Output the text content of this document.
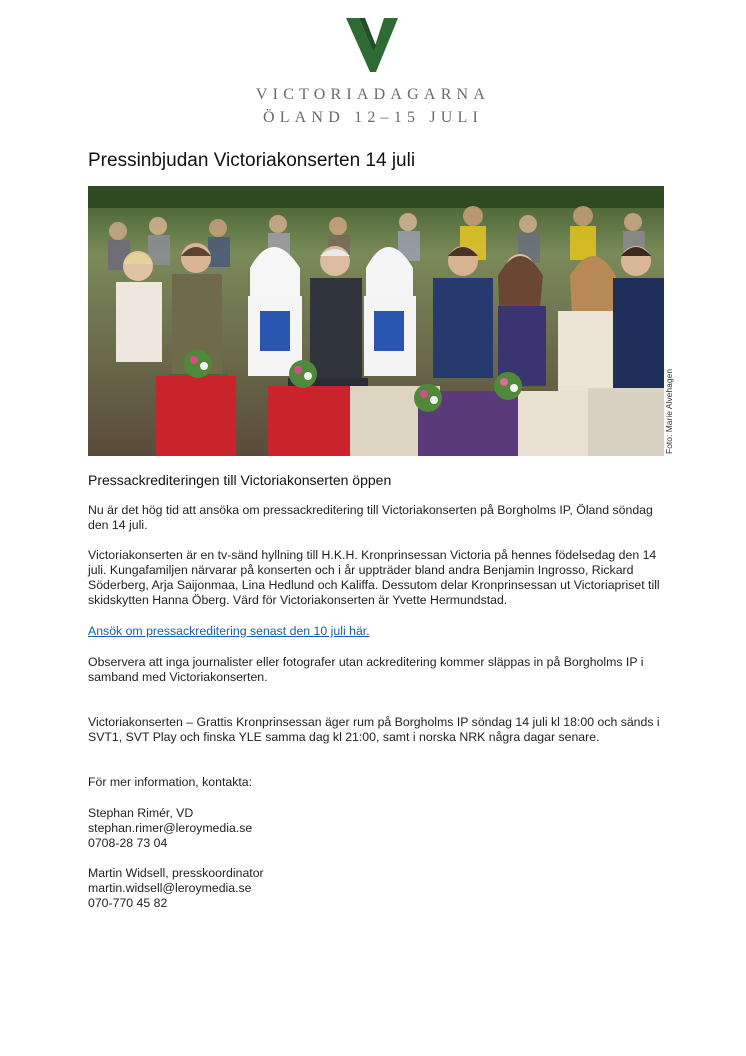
VICTORIADAGARNA
ÖLAND 12–15 JULI
Pressinbjudan Victoriakonserten 14 juli
Foto: Marie Alvehagen
Pressackrediteringen till Victoriakonserten öppen
Nu är det hög tid att ansöka om pressackreditering till Victoriakonserten på Borgholms IP, Öland söndag den 14 juli.
Victoriakonserten är en tv-sänd hyllning till H.K.H. Kronprinsessan Victoria på hennes födelsedag den 14 juli. Kungafamiljen närvarar på konserten och i år uppträder bland andra Benjamin Ingrosso, Rickard Söderberg, Arja Saijonmaa, Lina Hedlund och Kaliffa. Dessutom delar Kronprinsessan ut Victoriapriset till skidskytten Hanna Öberg. Värd för Victoriakonserten är Yvette Hermundstad.
Ansök om pressackreditering senast den 10 juli här.
Observera att inga journalister eller fotografer utan ackreditering kommer släppas in på Borgholms IP i samband med Victoriakonserten.
Victoriakonserten – Grattis Kronprinsessan äger rum på Borgholms IP söndag 14 juli kl 18:00 och sänds i SVT1, SVT Play och finska YLE samma dag kl 21:00, samt i norska NRK några dagar senare.
För mer information, kontakta:
Stephan Rimér, VD
stephan.rimer@leroymedia.se
0708-28 73 04
Martin Widsell, presskoordinator
martin.widsell@leroymedia.se
070-770 45 82
